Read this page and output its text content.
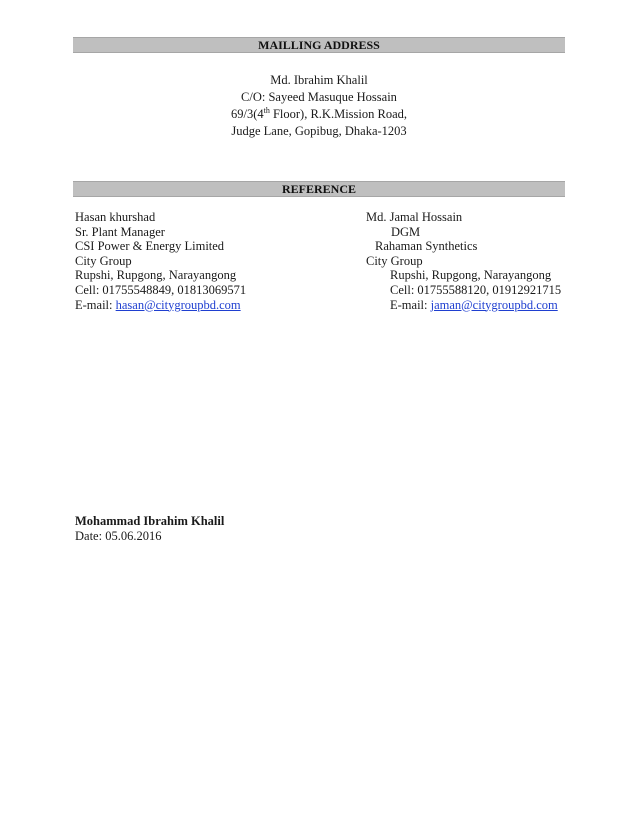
MAILLING ADDRESS
Md. Ibrahim Khalil
C/O: Sayeed Masuque Hossain
69/3(4th Floor), R.K.Mission Road,
Judge Lane, Gopibug, Dhaka-1203
REFERENCE
Hasan khurshad
Sr. Plant Manager
CSI Power & Energy Limited
City Group
Rupshi, Rupgong, Narayangong
Cell: 01755548849, 01813069571
E-mail: hasan@citygroupbd.com
Md. Jamal Hossain
DGM
Rahaman Synthetics
City Group
Rupshi, Rupgong, Narayangong
Cell: 01755588120, 01912921715
E-mail: jaman@citygroupbd.com
Mohammad Ibrahim Khalil
Date: 05.06.2016
